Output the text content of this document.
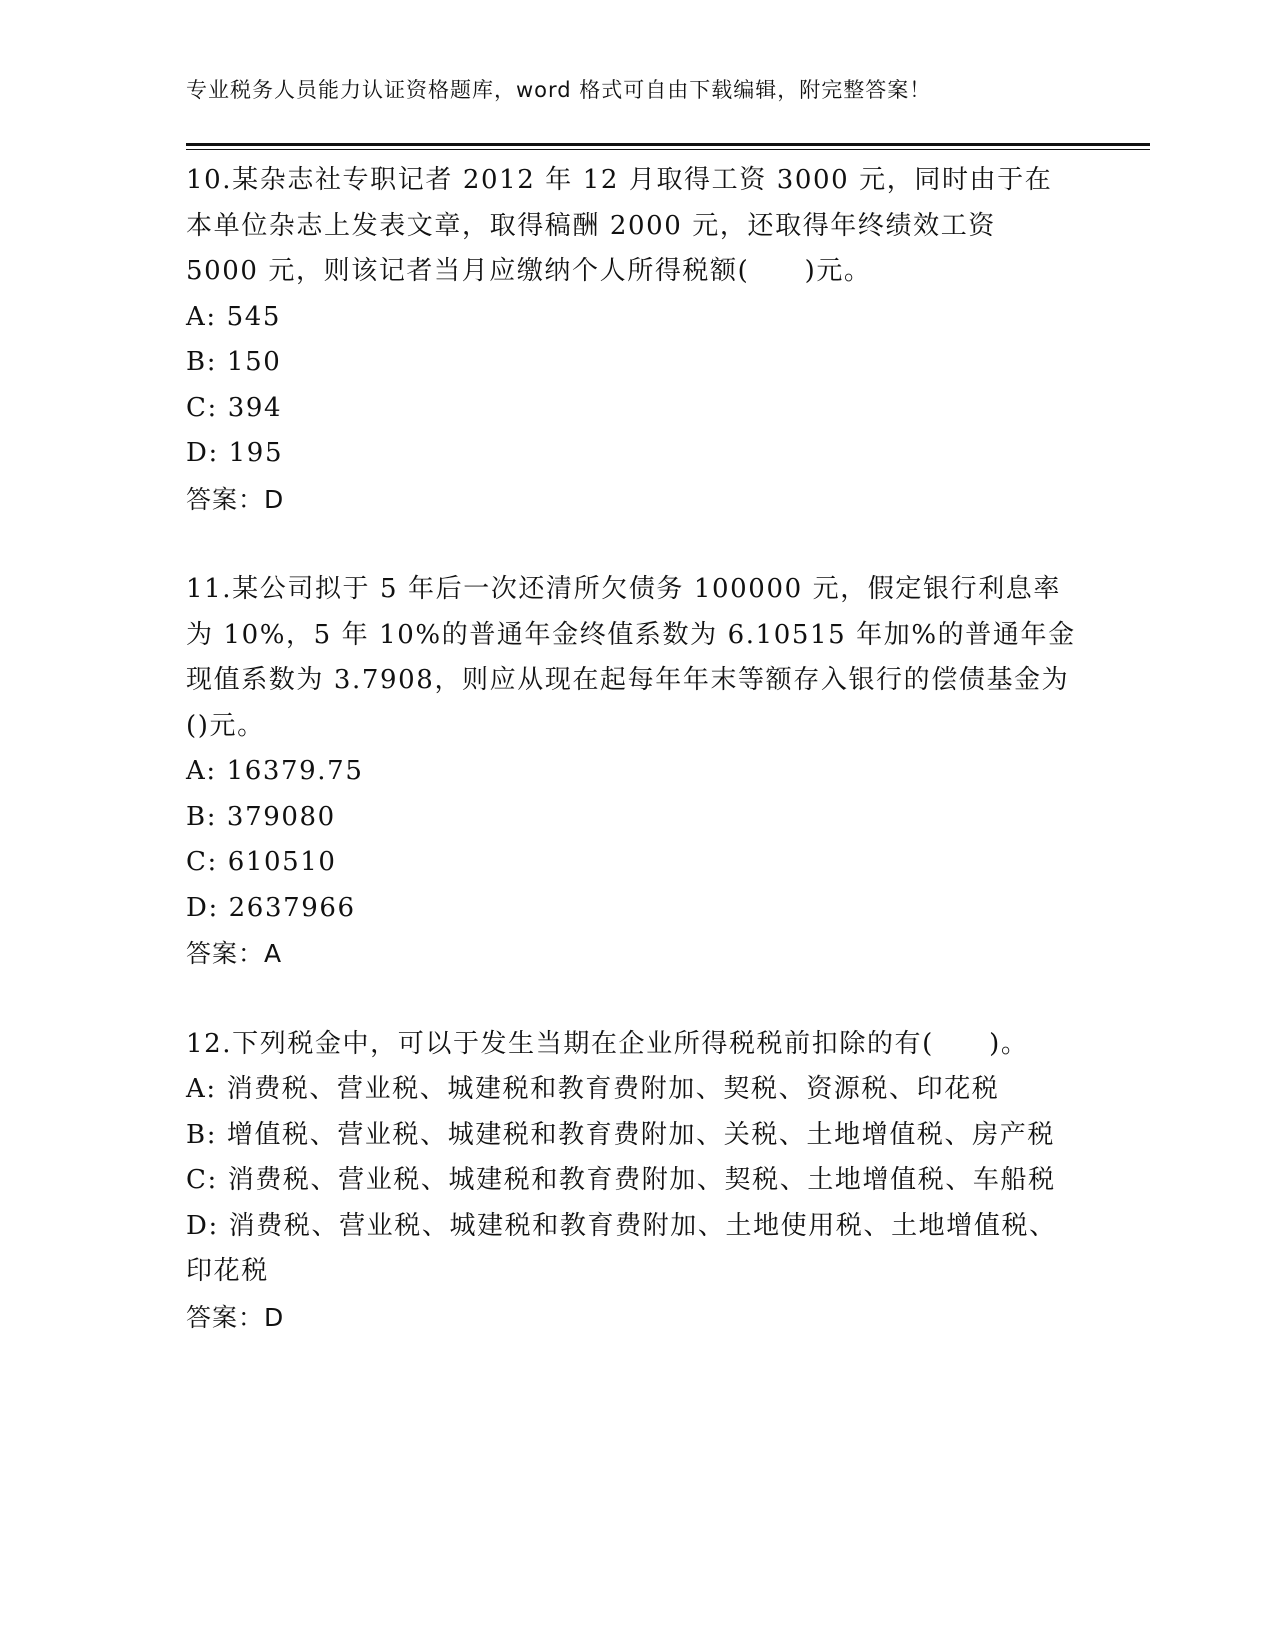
专业税务人员能力认证资格题库，word 格式可自由下载编辑，附完整答案！

10.某杂志社专职记者 2012 年 12 月取得工资 3000 元，同时由于在本单位杂志上发表文章，取得稿酬 2000 元，还取得年终绩效工资 5000 元，则该记者当月应缴纳个人所得税额(　　)元。

A: 545
B: 150
C: 394
D: 195

答案：D

11.某公司拟于 5 年后一次还清所欠债务 100000 元，假定银行利息率为 10%，5 年 10%的普通年金终值系数为 6.10515 年加%的普通年金现值系数为 3.7908，则应从现在起每年年末等额存入银行的偿债基金为()元。

A: 16379.75
B: 379080
C: 610510
D: 2637966

答案：A

12.下列税金中，可以于发生当期在企业所得税税前扣除的有(　　)。

A: 消费税、营业税、城建税和教育费附加、契税、资源税、印花税
B: 增值税、营业税、城建税和教育费附加、关税、土地增值税、房产税
C: 消费税、营业税、城建税和教育费附加、契税、土地增值税、车船税
D: 消费税、营业税、城建税和教育费附加、土地使用税、土地增值税、印花税

答案：D
